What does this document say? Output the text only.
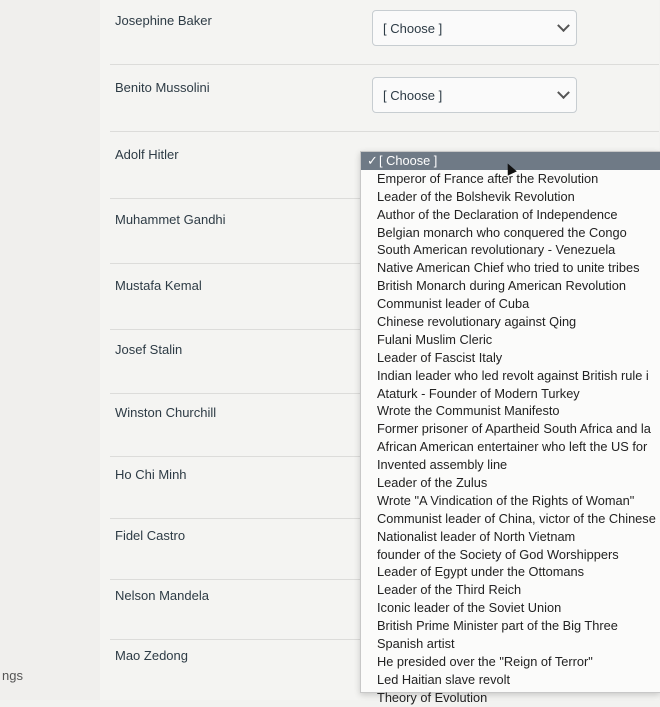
ngs
Josephine Baker
[ Choose ]
Benito Mussolini
[ Choose ]
Adolf Hitler
Muhammet Gandhi
Mustafa Kemal
Josef Stalin
Winston Churchill
Ho Chi Minh
Fidel Castro
Nelson Mandela
Mao Zedong
✓[ Choose ]
Emperor of France after the Revolution
Leader of the Bolshevik Revolution
Author of the Declaration of Independence
Belgian monarch who conquered the Congo
South American revolutionary - Venezuela
Native American Chief who tried to unite tribes
British Monarch during American Revolution
Communist leader of Cuba
Chinese revolutionary against Qing
Fulani Muslim Cleric
Leader of Fascist Italy
Indian leader who led revolt against British rule i
Ataturk - Founder of Modern Turkey
Wrote the Communist Manifesto
Former prisoner of Apartheid South Africa and la
African American entertainer who left the US for
Invented assembly line
Leader of the Zulus
Wrote "A Vindication of the Rights of Woman"
Communist leader of China, victor of the Chinese
Nationalist leader of North Vietnam
founder of the Society of God Worshippers
Leader of Egypt under the Ottomans
Leader of the Third Reich
Iconic leader of the Soviet Union
British Prime Minister part of the Big Three
Spanish artist
He presided over the "Reign of Terror"
Led Haitian slave revolt
Theory of Evolution
